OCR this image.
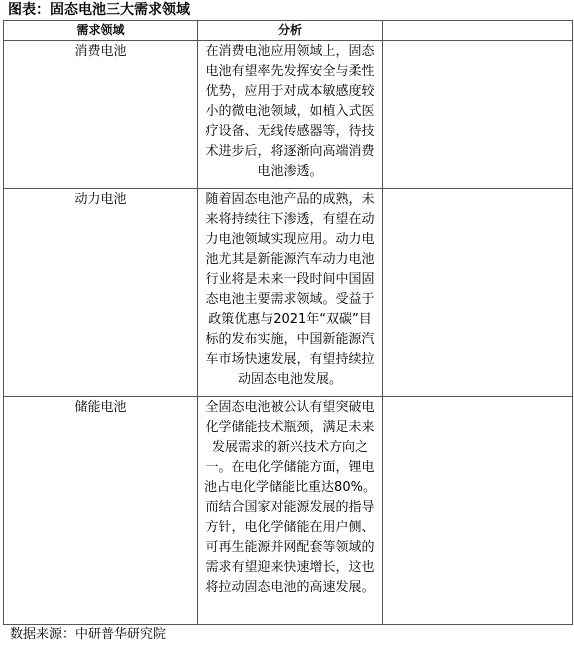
图表：固态电池三大需求领域
需求领域	分析	

消费电池	在消费电池应用领域上，固态电池有望率先发挥安全与柔性优势，应用于对成本敏感度较小的微电池领域，如植入式医疗设备、无线传感器等，待技术进步后，将逐渐向高端消费电池渗透。	

动力电池	随着固态电池产品的成熟，未来将持续往下渗透，有望在动力电池领域实现应用。动力电池尤其是新能源汽车动力电池行业将是未来一段时间中国固态电池主要需求领域。受益于政策优惠与2021年“双碳”目标的发布实施，中国新能源汽车市场快速发展，有望持续拉动固态电池发展。	

储能电池	全固态电池被公认有望突破电化学储能技术瓶颈，满足未来发展需求的新兴技术方向之一。在电化学储能方面，锂电池占电化学储能比重达80%。而结合国家对能源发展的指导方针，电化学储能在用户侧、可再生能源并网配套等领域的需求有望迎来快速增长，这也将拉动固态电池的高速发展。	

数据来源：中研普华研究院
